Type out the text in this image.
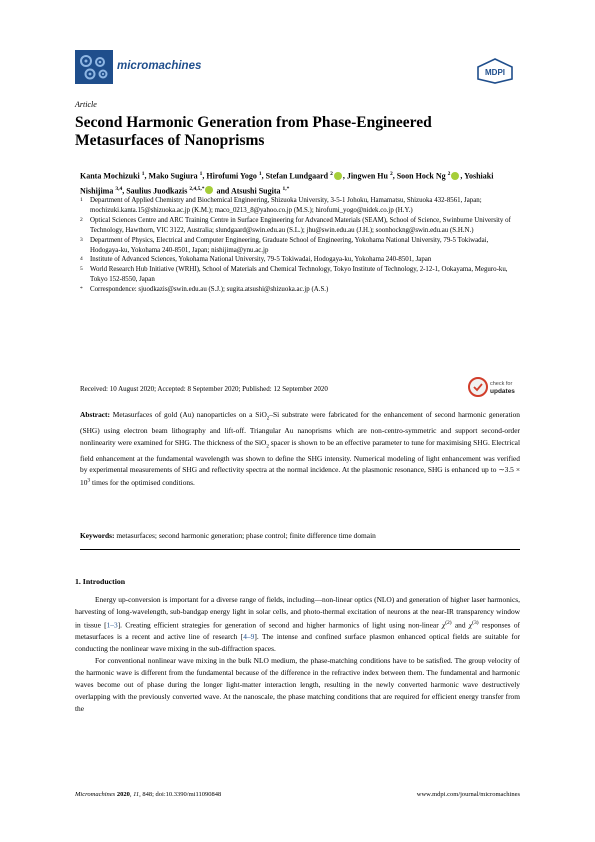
micromachines
MDPI
Article
Second Harmonic Generation from Phase-Engineered Metasurfaces of Nanoprisms
Kanta Mochizuki $^1$, Mako Sugiura $^1$, Hirofumi Yogo $^1$, Stefan Lundgaard $^2$ , Jingwen Hu $^2$, Soon Hock Ng $^2$ , Yoshiaki Nishijima $^{3,4}$, Saulius Juodkazis $^{2,4,5,*}$ and Atsushi Sugita $^{1,*}$
1 Department of Applied Chemistry and Biochemical Engineering, Shizuoka University, 3-5-1 Johoku, Hamamatsu, Shizuoka 432-8561, Japan; mochizuki.kanta.15@shizuoka.ac.jp (K.M.); maco_0213_8@yahoo.co.jp (M.S.); hirofumi_yogo@nidek.co.jp (H.Y.)
2 Optical Sciences Centre and ARC Training Centre in Surface Engineering for Advanced Materials (SEAM), School of Science, Swinburne University of Technology, Hawthorn, VIC 3122, Australia; slundgaard@swin.edu.au (S.L.); jhu@swin.edu.au (J.H.); soonhockng@swin.edu.au (S.H.N.)
3 Department of Physics, Electrical and Computer Engineering, Graduate School of Engineering, Yokohama National University, 79-5 Tokiwadai, Hodogaya-ku, Yokohama 240-8501, Japan; nishijima@ynu.ac.jp
4 Institute of Advanced Sciences, Yokohama National University, 79-5 Tokiwadai, Hodogaya-ku, Yokohama 240-8501, Japan
5 World Research Hub Initiative (WRHI), School of Materials and Chemical Technology, Tokyo Institute of Technology, 2-12-1, Ookayama, Meguro-ku, Tokyo 152-8550, Japan
* Correspondence: sjuodkazis@swin.edu.au (S.J.); sugita.atsushi@shizuoka.ac.jp (A.S.)
Received: 10 August 2020; Accepted: 8 September 2020; Published: 12 September 2020
check for
updates
Abstract: Metasurfaces of gold (Au) nanoparticles on a SiO$_2$–Si substrate were fabricated for the enhancement of second harmonic generation (SHG) using electron beam lithography and lift-off. Triangular Au nanoprisms which are non-centro-symmetric and support second-order nonlinearity were examined for SHG. The thickness of the SiO$_2$ spacer is shown to be an effective parameter to tune for maximising SHG. Electrical field enhancement at the fundamental wavelength was shown to define the SHG intensity. Numerical modeling of light enhancement was verified by experimental measurements of SHG and reflectivity spectra at the normal incidence. At the plasmonic resonance, SHG is enhanced up to ∼3.5 × $10^3$ times for the optimised conditions.
Keywords: metasurfaces; second harmonic generation; phase control; finite difference time domain
1. Introduction

Energy up-conversion is important for a diverse range of fields, including—non-linear optics (NLO) and generation of higher laser harmonics, harvesting of long-wavelength, sub-bandgap energy light in solar cells, and photo-thermal excitation of neurons at the near-IR transparency window in tissue [1–3]. Creating efficient strategies for generation of second and higher harmonics of light using non-linear $\chi^{(2)}$ and $\chi^{(3)}$ responses of metasurfaces is a recent and active line of research [4–9]. The intense and confined surface plasmon enhanced optical fields are suitable for conducting the nonlinear wave mixing in the sub-diffraction spaces.

For conventional nonlinear wave mixing in the bulk NLO medium, the phase-matching conditions have to be satisfied. The group velocity of the harmonic wave is different from the fundamental because of the difference in the refractive index between them. The fundamental and harmonic waves become out of phase during the longer light-matter interaction length, resulting in the newly converted harmonic wave destructively overlapping with the previously converted wave. At the nanoscale, the phase matching conditions that are required for efficient energy transfer from the

Micromachines 2020, 11, 848; doi:10.3390/mi11090848	www.mdpi.com/journal/micromachines
